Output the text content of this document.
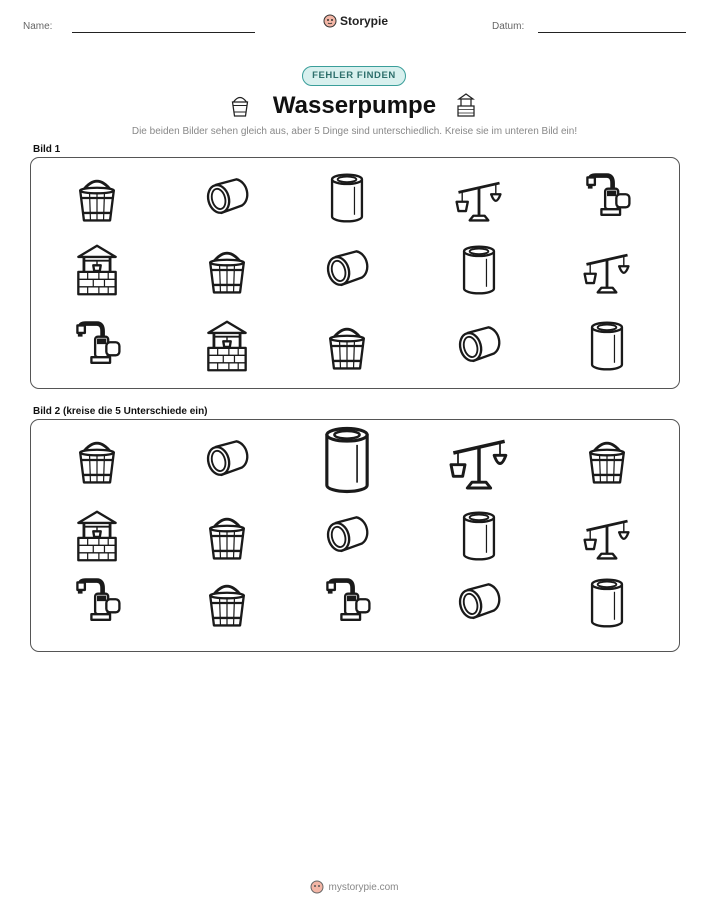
Name:	Storypie	Datum:
FEHLER FINDEN
Wasserpumpe
Die beiden Bilder sehen gleich aus, aber 5 Dinge sind unterschiedlich. Kreise sie im unteren Bild ein!
Bild 1
Bild 2 (kreise die 5 Unterschiede ein)
mystorypie.com
